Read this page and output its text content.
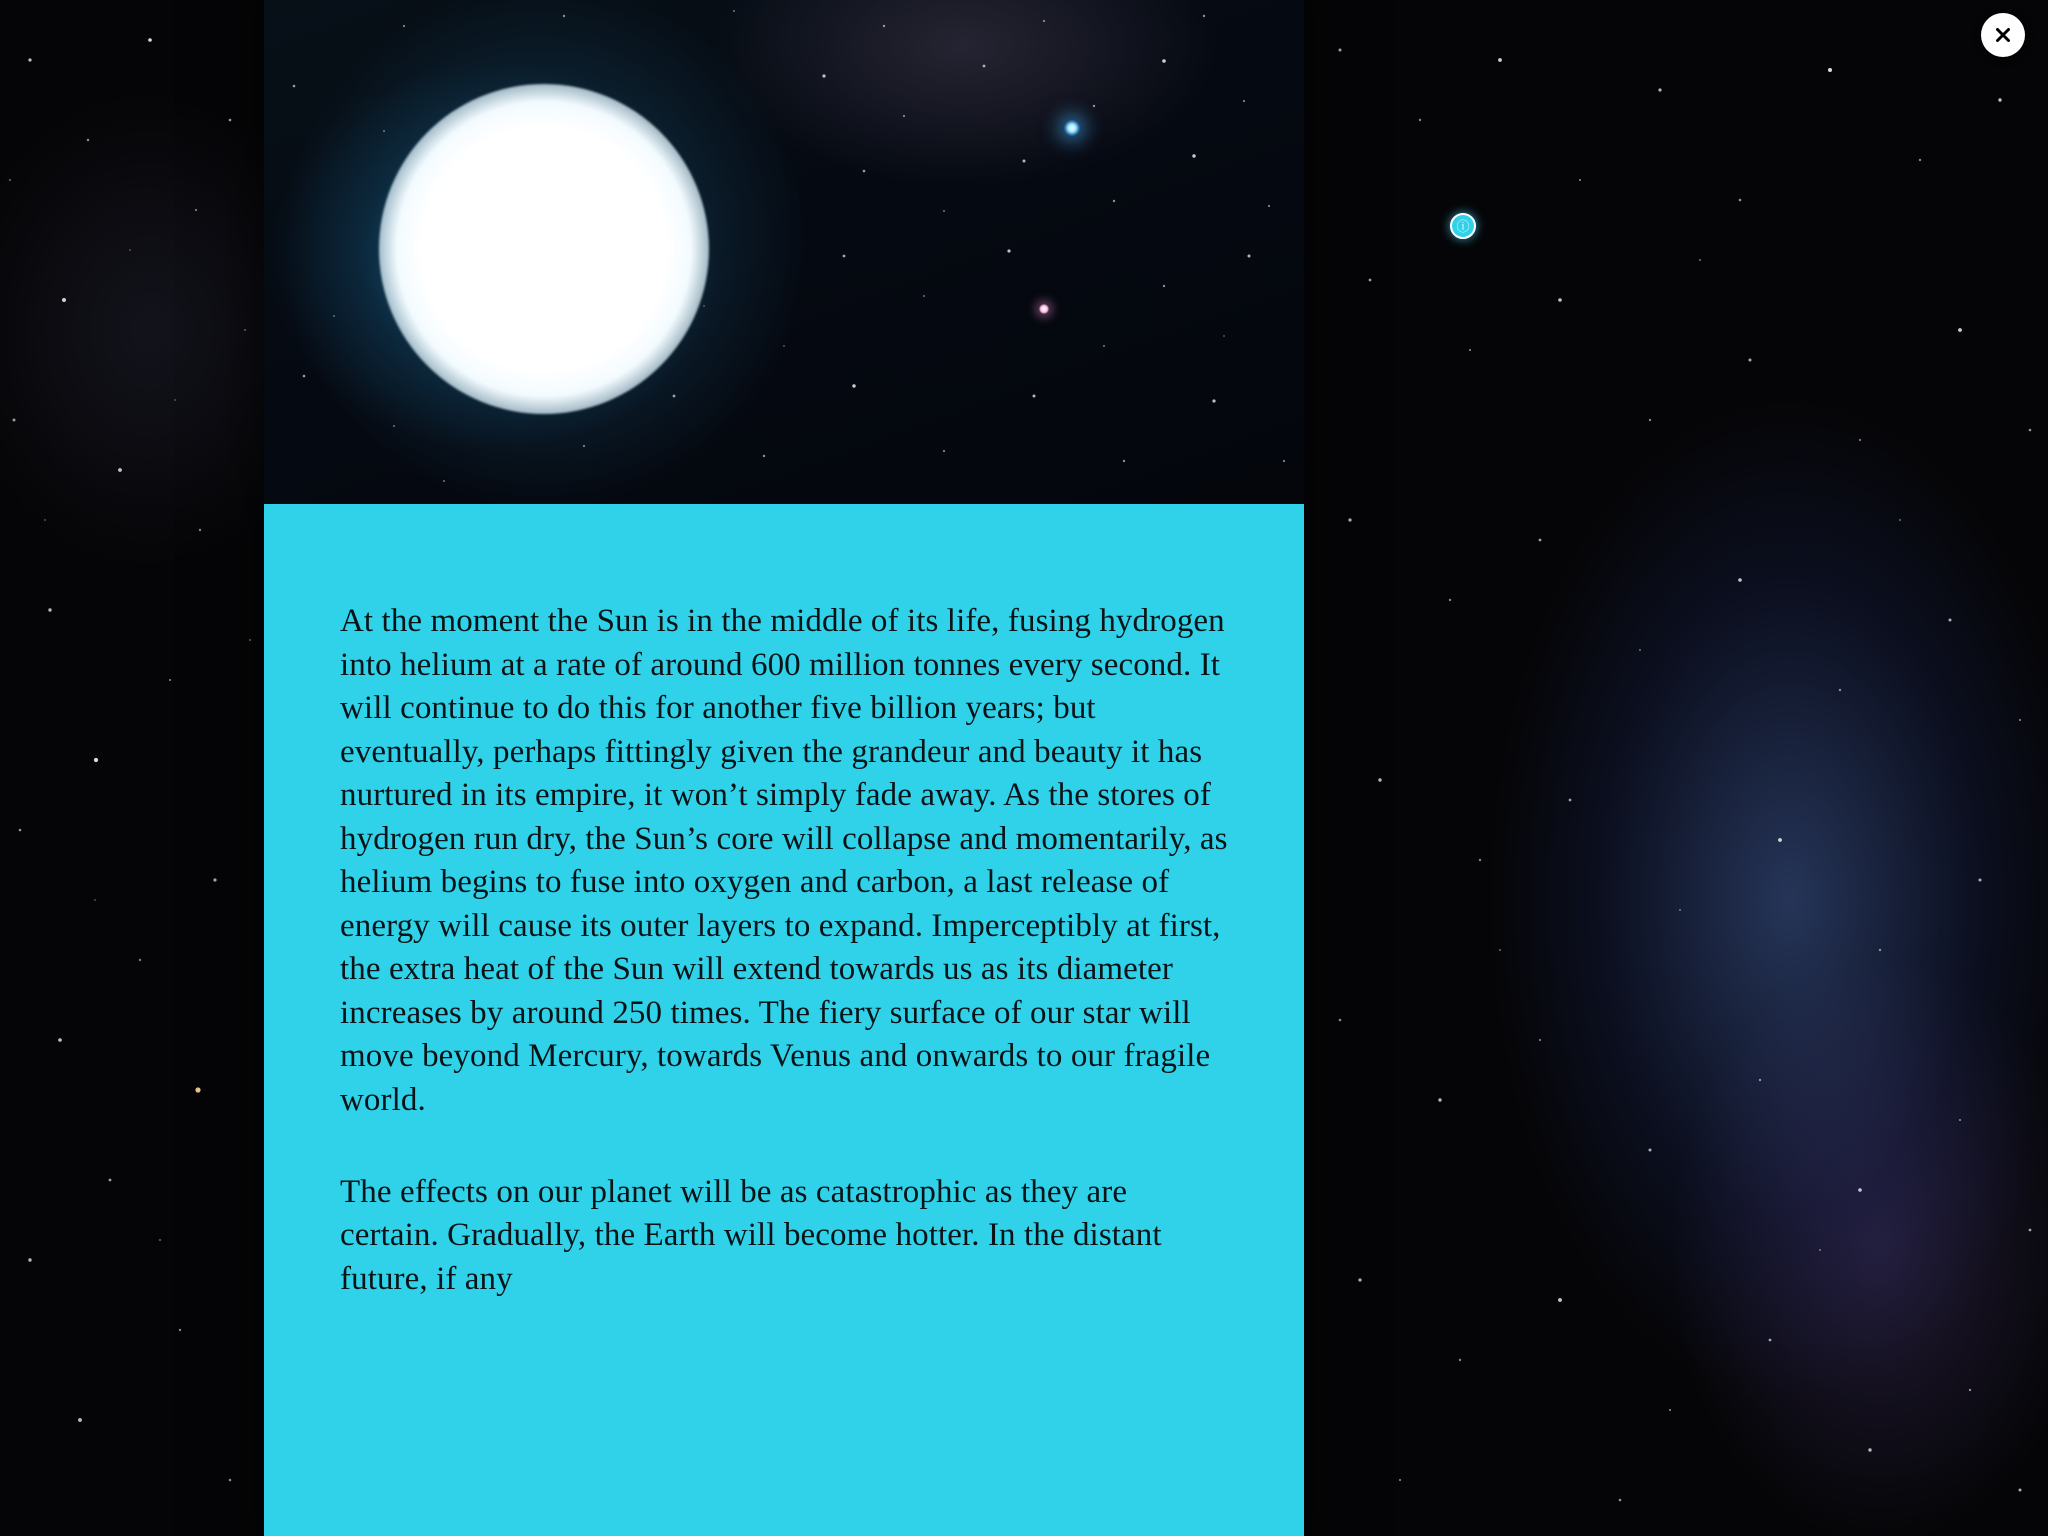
At the moment the Sun is in the middle of its life, fusing hydrogen into helium at a rate of around 600 million tonnes every second. It will continue to do this for another five billion years; but eventually, perhaps fittingly given the grandeur and beauty it has nurtured in its empire, it won’t simply fade away. As the stores of hydrogen run dry, the Sun’s core will collapse and momentarily, as helium begins to fuse into oxygen and carbon, a last release of energy will cause its outer layers to expand. Imperceptibly at first, the extra heat of the Sun will extend towards us as its diameter increases by around 250 times. The fiery surface of our star will move beyond Mercury, towards Venus and onwards to our fragile world.

The effects on our planet will be as catastrophic as they are certain. Gradually, the Earth will become hotter. In the distant future, if any

ⓘ
